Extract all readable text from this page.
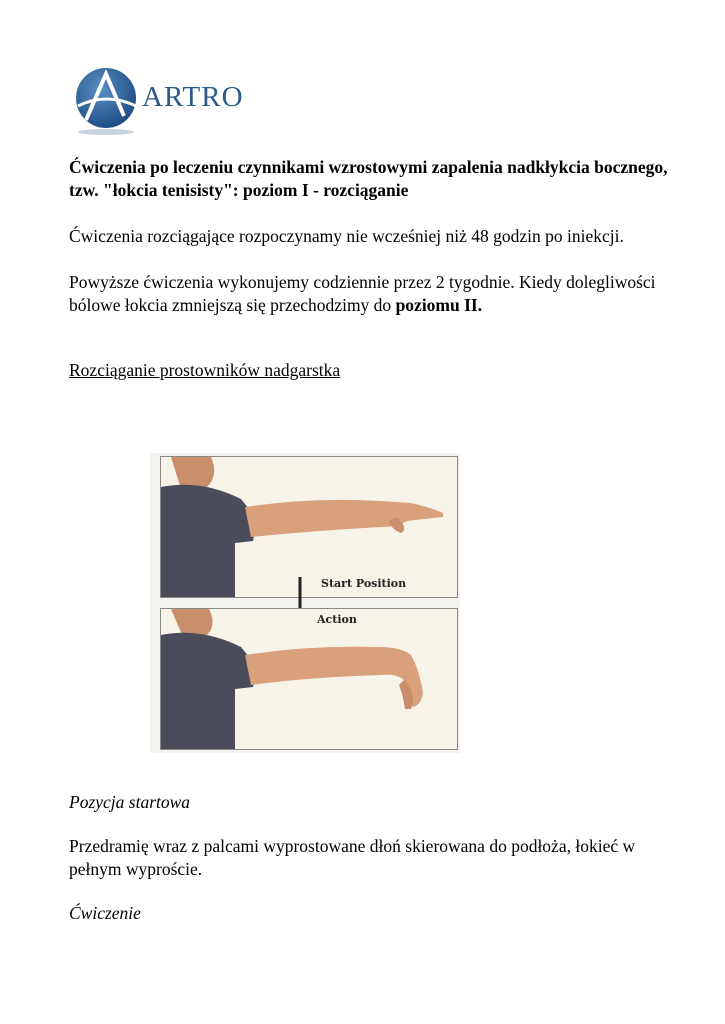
ARTRO

Ćwiczenia po leczeniu czynnikami wzrostowymi zapalenia nadkłykcia bocznego, tzw. "łokcia tenisisty": poziom I - rozciąganie

Ćwiczenia rozciągające rozpoczynamy nie wcześniej niż 48 godzin po iniekcji.

Powyższe ćwiczenia wykonujemy codziennie przez 2 tygodnie. Kiedy dolegliwości bólowe łokcia zmniejszą się przechodzimy do poziomu II.

Rozciąganie prostowników nadgarstka

Start Position
Action

Pozycja startowa

Przedramię wraz z palcami wyprostowane dłoń skierowana do podłoża, łokieć w pełnym wyproście.

Ćwiczenie
